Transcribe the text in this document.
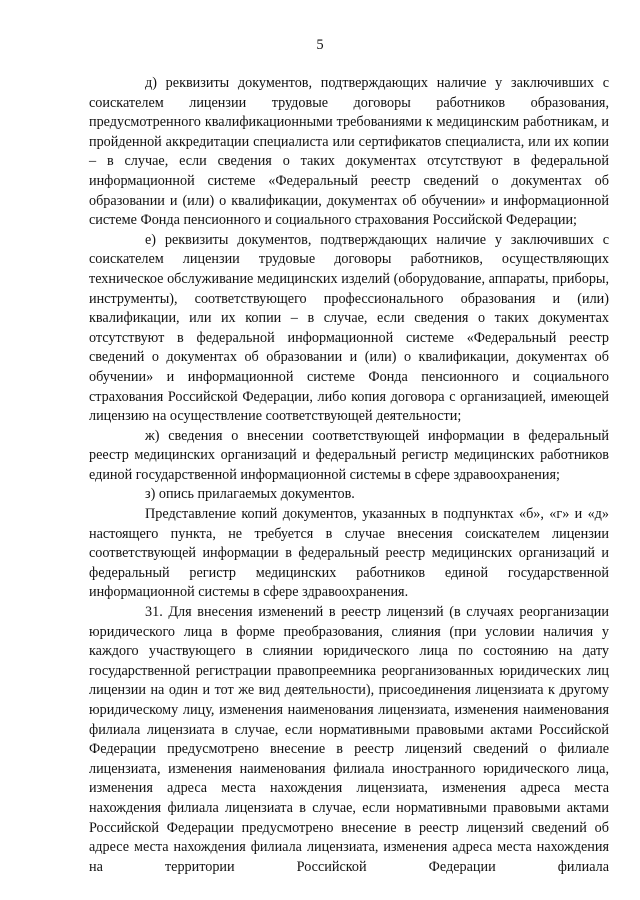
5

д) реквизиты документов, подтверждающих наличие у заключивших с соискателем лицензии трудовые договоры работников образования, предусмотренного квалификационными требованиями к медицинским работникам, и пройденной аккредитации специалиста или сертификатов специалиста, или их копии – в случае, если сведения о таких документах отсутствуют в федеральной информационной системе «Федеральный реестр сведений о документах об образовании и (или) о квалификации, документах об обучении» и информационной системе Фонда пенсионного и социального страхования Российской Федерации;

е) реквизиты документов, подтверждающих наличие у заключивших с соискателем лицензии трудовые договоры работников, осуществляющих техническое обслуживание медицинских изделий (оборудование, аппараты, приборы, инструменты), соответствующего профессионального образования и (или) квалификации, или их копии – в случае, если сведения о таких документах отсутствуют в федеральной информационной системе «Федеральный реестр сведений о документах об образовании и (или) о квалификации, документах об обучении» и информационной системе Фонда пенсионного и социального страхования Российской Федерации, либо копия договора с организацией, имеющей лицензию на осуществление соответствующей деятельности;

ж) сведения о внесении соответствующей информации в федеральный реестр медицинских организаций и федеральный регистр медицинских работников единой государственной информационной системы в сфере здравоохранения;

з) опись прилагаемых документов.

Представление копий документов, указанных в подпунктах «б», «г» и «д» настоящего пункта, не требуется в случае внесения соискателем лицензии соответствующей информации в федеральный реестр медицинских организаций и федеральный регистр медицинских работников единой государственной информационной системы в сфере здравоохранения.

31. Для внесения изменений в реестр лицензий (в случаях реорганизации юридического лица в форме преобразования, слияния (при условии наличия у каждого участвующего в слиянии юридического лица по состоянию на дату государственной регистрации правопреемника реорганизованных юридических лиц лицензии на один и тот же вид деятельности), присоединения лицензиата к другому юридическому лицу, изменения наименования лицензиата, изменения наименования филиала лицензиата в случае, если нормативными правовыми актами Российской Федерации предусмотрено внесение в реестр лицензий сведений о филиале лицензиата, изменения наименования филиала иностранного юридического лица, изменения адреса места нахождения лицензиата, изменения адреса места нахождения филиала лицензиата в случае, если нормативными правовыми актами Российской Федерации предусмотрено внесение в реестр лицензий сведений об адресе места нахождения филиала лицензиата, изменения адреса места нахождения на территории Российской Федерации филиала
